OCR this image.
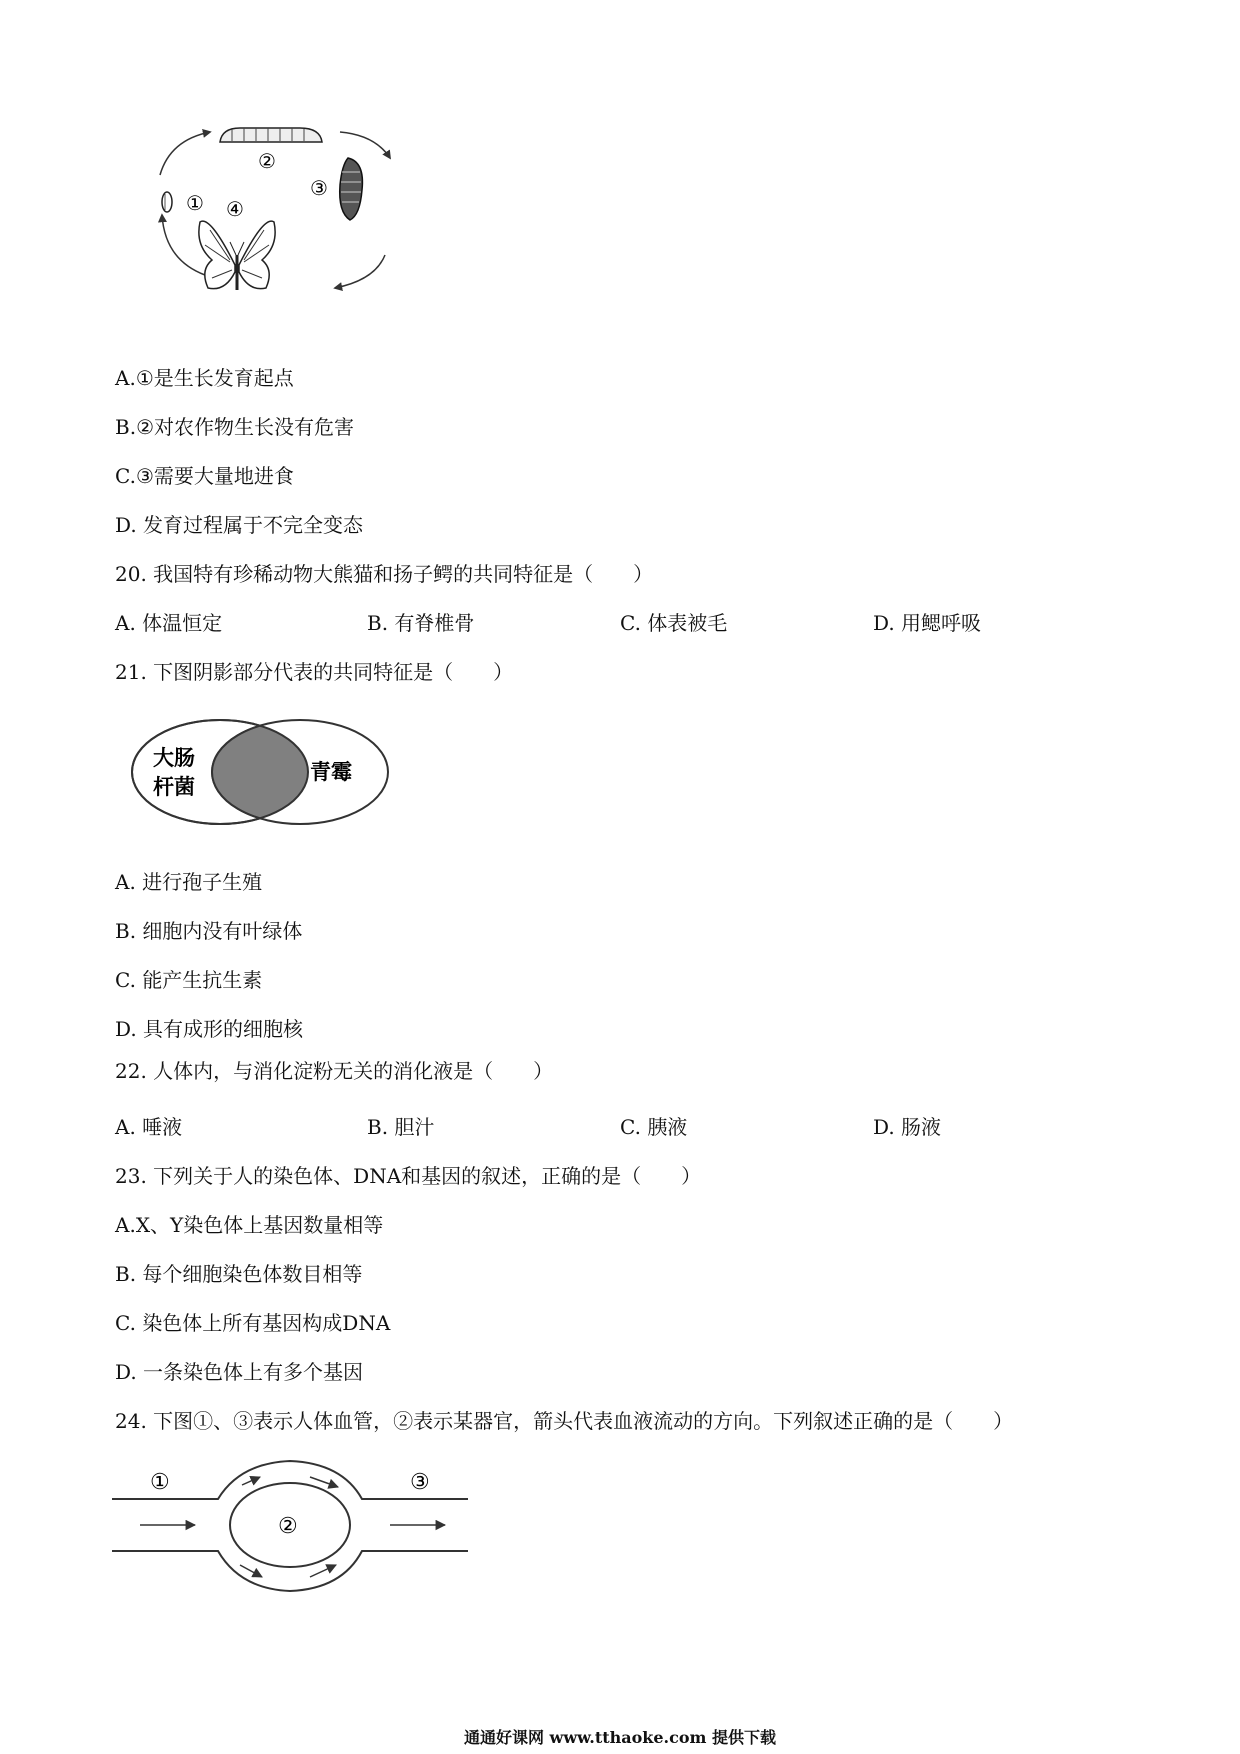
①
②
③
④
A.①是生长发育起点
B.②对农作物生长没有危害
C.③需要大量地进食
D. 发育过程属于不完全变态
20. 我国特有珍稀动物大熊猫和扬子鳄的共同特征是（　　）
A. 体温恒定	B. 有脊椎骨	C. 体表被毛	D. 用鳃呼吸
21. 下图阴影部分代表的共同特征是（　　）
大肠
杆菌
青霉
A. 进行孢子生殖
B. 细胞内没有叶绿体
C. 能产生抗生素
D. 具有成形的细胞核
22. 人体内，与消化淀粉无关的消化液是（　　）
A. 唾液	B. 胆汁	C. 胰液	D. 肠液
23. 下列关于人的染色体、DNA和基因的叙述，正确的是（　　）
A.X、Y染色体上基因数量相等
B. 每个细胞染色体数目相等
C. 染色体上所有基因构成DNA
D. 一条染色体上有多个基因
24. 下图①、③表示人体血管，②表示某器官，箭头代表血液流动的方向。下列叙述正确的是（　　）
①
②
③
通通好课网 www.tthaoke.com 提供下载
